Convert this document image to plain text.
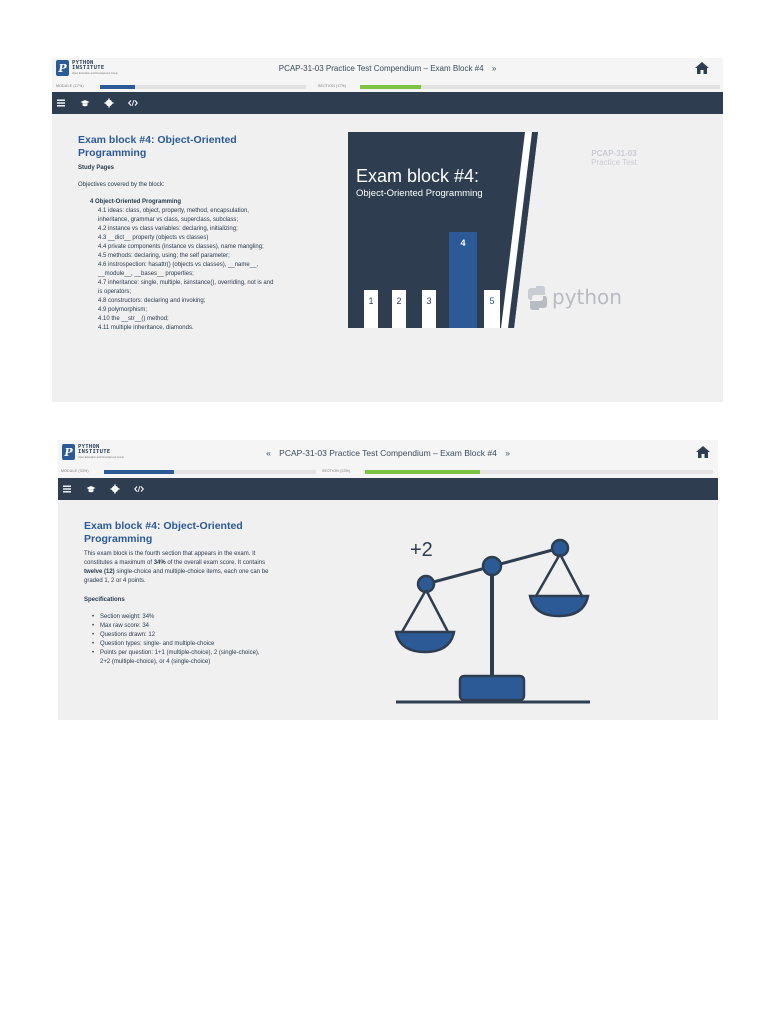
P PYTHON
INSTITUTE
Open Education and Development Group
PCAP-31-03 Practice Test Compendium – Exam Block #4 »
MODULE (17%)	SECTION (17%)
Exam block #4: Object-Oriented Programming
Study Pages
Objectives covered by the block:
4 Object-Oriented Programming
4.1 ideas: class, object, property, method, encapsulation, inheritance, grammar vs class, superclass, subclass;
4.2 instance vs class variables: declaring, initializing;
4.3 __dict__ property (objects vs classes)
4.4 private components (instance vs classes), name mangling;
4.5 methods: declaring, using; the self parameter;
4.6 instrospection: hasattr() (objects vs classes), __name__, __module__, __bases__ properties;
4.7 inheritance: single, multiple, isinstance(), overriding, not is and is operators;
4.8 constructors: declaring and invoking;
4.9 polymorphism;
4.10 the __str__() method;
4.11 multiple inheritance, diamonds.
Exam block #4:
Object-Oriented Programming
PCAP-31-03
Practice Test
1	2	3
4
5	python
P PYTHON
INSTITUTE
Open Education and Development Group	« PCAP-31-03 Practice Test Compendium – Exam Block #4 »
MODULE (33%)	SECTION (33%)
Exam block #4: Object-Oriented Programming

This exam block is the fourth section that appears in the exam. It constitutes a maximum of 34% of the overall exam score. It contains twelve (12) single-choice and multiple-choice items, each one can be graded 1, 2 or 4 points.

Specifications
• Section weight: 34%
• Max raw score: 34
• Questions drawn: 12
• Question types: single- and multiple-choice
• Points per question: 1+1 (multiple-choice), 2 (single-choice), 2+2 (multiple-choice), or 4 (single-choice)
+2
